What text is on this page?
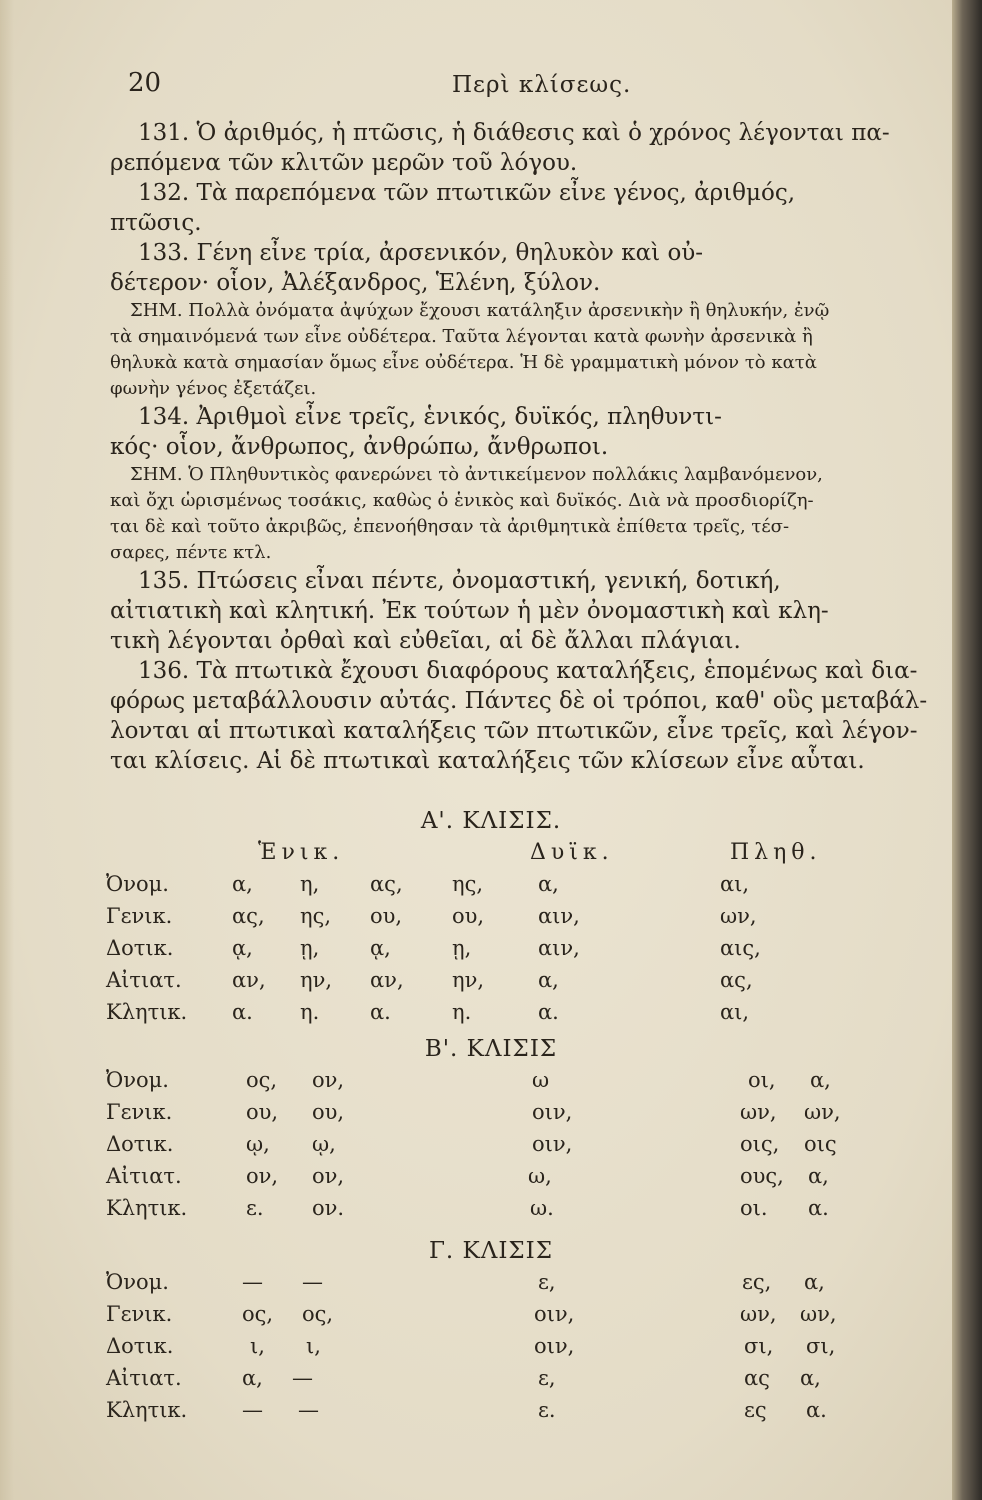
20	Περὶ κλίσεως.
131. Ὁ ἀριθμός, ἡ πτῶσις, ἡ διάθεσις καὶ ὁ χρόνος λέγονται πα-
ρεπόμενα τῶν κλιτῶν μερῶν τοῦ λόγου.
132. Τὰ παρεπόμενα τῶν πτωτικῶν εἶνε γένος, ἀριθμός,
πτῶσις.
133. Γένη εἶνε τρία, ἀρσενικόν, θηλυκὸν καὶ οὐ-
δέτερον· οἷον, Ἀλέξανδρος, Ἑλένη, ξύλον.
ΣΗΜ. Πολλὰ ὀνόματα ἀψύχων ἔχουσι κατάληξιν ἀρσενικὴν ἢ θηλυκήν, ἐνῷ
τὰ σημαινόμενά των εἶνε οὐδέτερα. Ταῦτα λέγονται κατὰ φωνὴν ἀρσενικὰ ἢ
θηλυκὰ κατὰ σημασίαν ὅμως εἶνε οὐδέτερα. Ἡ δὲ γραμματικὴ μόνον τὸ κατὰ
φωνὴν γένος ἐξετάζει.
134. Ἀριθμοὶ εἶνε τρεῖς, ἑνικός, δυϊκός, πληθυντι-
κός· οἷον, ἄνθρωπος, ἀνθρώπω, ἄνθρωποι.
ΣΗΜ. Ὁ Πληθυντικὸς φανερώνει τὸ ἀντικείμενον πολλάκις λαμβανόμενον,
καὶ ὄχι ὡρισμένως τοσάκις, καθὼς ὁ ἑνικὸς καὶ δυϊκός. Διὰ νὰ προσδιορίζη-
ται δὲ καὶ τοῦτο ἀκριβῶς, ἐπενοήθησαν τὰ ἀριθμητικὰ ἐπίθετα τρεῖς, τέσ-
σαρες, πέντε κτλ.
135. Πτώσεις εἶναι πέντε, ὀνομαστική, γενική, δοτική,
αἰτιατικὴ καὶ κλητική. Ἐκ τούτων ἡ μὲν ὀνομαστικὴ καὶ κλη-
τικὴ λέγονται ὀρθαὶ καὶ εὐθεῖαι, αἱ δὲ ἄλλαι πλάγιαι.
136. Τὰ πτωτικὰ ἔχουσι διαφόρους καταλήξεις, ἑπομένως καὶ δια-
φόρως μεταβάλλουσιν αὐτάς. Πάντες δὲ οἱ τρόποι, καθ' οὓς μεταβάλ-
λονται αἱ πτωτικαὶ καταλήξεις τῶν πτωτικῶν, εἶνε τρεῖς, καὶ λέγον-
ται κλίσεις. Αἱ δὲ πτωτικαὶ καταλήξεις τῶν κλίσεων εἶνε αὗται.
Α'. ΚΛΙΣΙΣ.
Ἑνικ.	Δυϊκ.	Πληθ.
Ὀνομ.	α, η, ας, ης,	α,	αι,
Γενικ.	ας, ης, ου, ου,	αιν,	ων,
Δοτικ.	ᾳ, ῃ, ᾳ,	ῃ,	αιν,	αις,
Αἰτιατ. αν, ην, αν, ην,	α,	ας,
Κλητικ. α. η. α.	η.	α.	αι,
Β'. ΚΛΙΣΙΣ
Ὀνομ.	ος, ον,	ω	οι, α,
Γενικ.	ου, ου,	οιν,	ων, ων,
Δοτικ.	ῳ, ῳ,	οιν,	οις, οις
Αἰτιατ.	ον, ον,	ω,	ους, α,
Κλητικ.	ε. ον.	ω.	οι. α.
Γ. ΚΛΙΣΙΣ
Ὀνομ.	— —	ε,	ες, α,
Γενικ.	ος, ος,	οιν,	ων, ων,
Δοτικ.	ι, ι,	οιν,	σι, σι,
Αἰτιατ.	α, —	ε,	ας α,
Κλητικ.	— —	ε.	ες α.
